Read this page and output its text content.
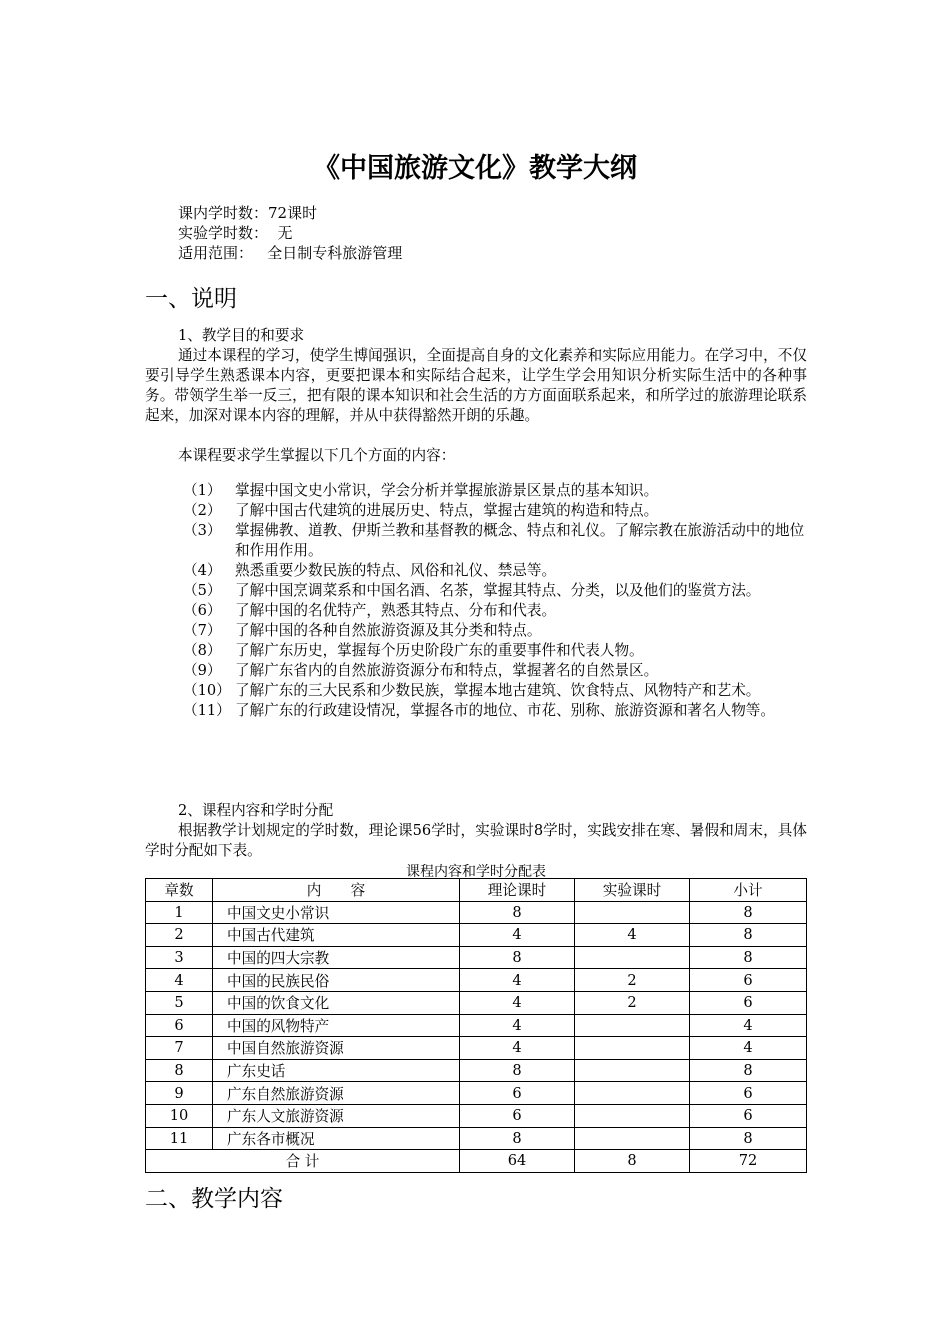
《中国旅游文化》教学大纲
课内学时数：72课时
实验学时数：  无
适用范围：   全日制专科旅游管理
一、说明
1、教学目的和要求
通过本课程的学习，使学生博闻强识，全面提高自身的文化素养和实际应用能力。在学习中，不仅要引导学生熟悉课本内容，更要把课本和实际结合起来，让学生学会用知识分析实际生活中的各种事务。带领学生举一反三，把有限的课本知识和社会生活的方方面面联系起来，和所学过的旅游理论联系起来，加深对课本内容的理解，并从中获得豁然开朗的乐趣。
本课程要求学生掌握以下几个方面的内容：
（1） 掌握中国文史小常识，学会分析并掌握旅游景区景点的基本知识。
（2） 了解中国古代建筑的进展历史、特点，掌握古建筑的构造和特点。
（3） 掌握佛教、道教、伊斯兰教和基督教的概念、特点和礼仪。了解宗教在旅游活动中的地位和作用作用。
（4） 熟悉重要少数民族的特点、风俗和礼仪、禁忌等。
（5） 了解中国烹调菜系和中国名酒、名茶，掌握其特点、分类，以及他们的鉴赏方法。
（6） 了解中国的名优特产，熟悉其特点、分布和代表。
（7） 了解中国的各种自然旅游资源及其分类和特点。
（8） 了解广东历史，掌握每个历史阶段广东的重要事件和代表人物。
（9） 了解广东省内的自然旅游资源分布和特点，掌握著名的自然景区。
（10） 了解广东的三大民系和少数民族，掌握本地古建筑、饮食特点、风物特产和艺术。
（11） 了解广东的行政建设情况，掌握各市的地位、市花、别称、旅游资源和著名人物等。
2、课程内容和学时分配
根据教学计划规定的学时数，理论课56学时，实验课时8学时，实践安排在寒、暑假和周末，具体学时分配如下表。
课程内容和学时分配表
章数	内　　容	理论课时	实验课时	小计
1	中国文史小常识	8		8
2	中国古代建筑	4	4	8
3	中国的四大宗教	8		8
4	中国的民族民俗	4	2	6
5	中国的饮食文化	4	2	6
6	中国的风物特产	4		4
7	中国自然旅游资源	4		4
8	广东史话	8		8
9	广东自然旅游资源	6		6
10	广东人文旅游资源	6		6
11	广东各市概况	8		8
合 计		64	8	72
二、教学内容
